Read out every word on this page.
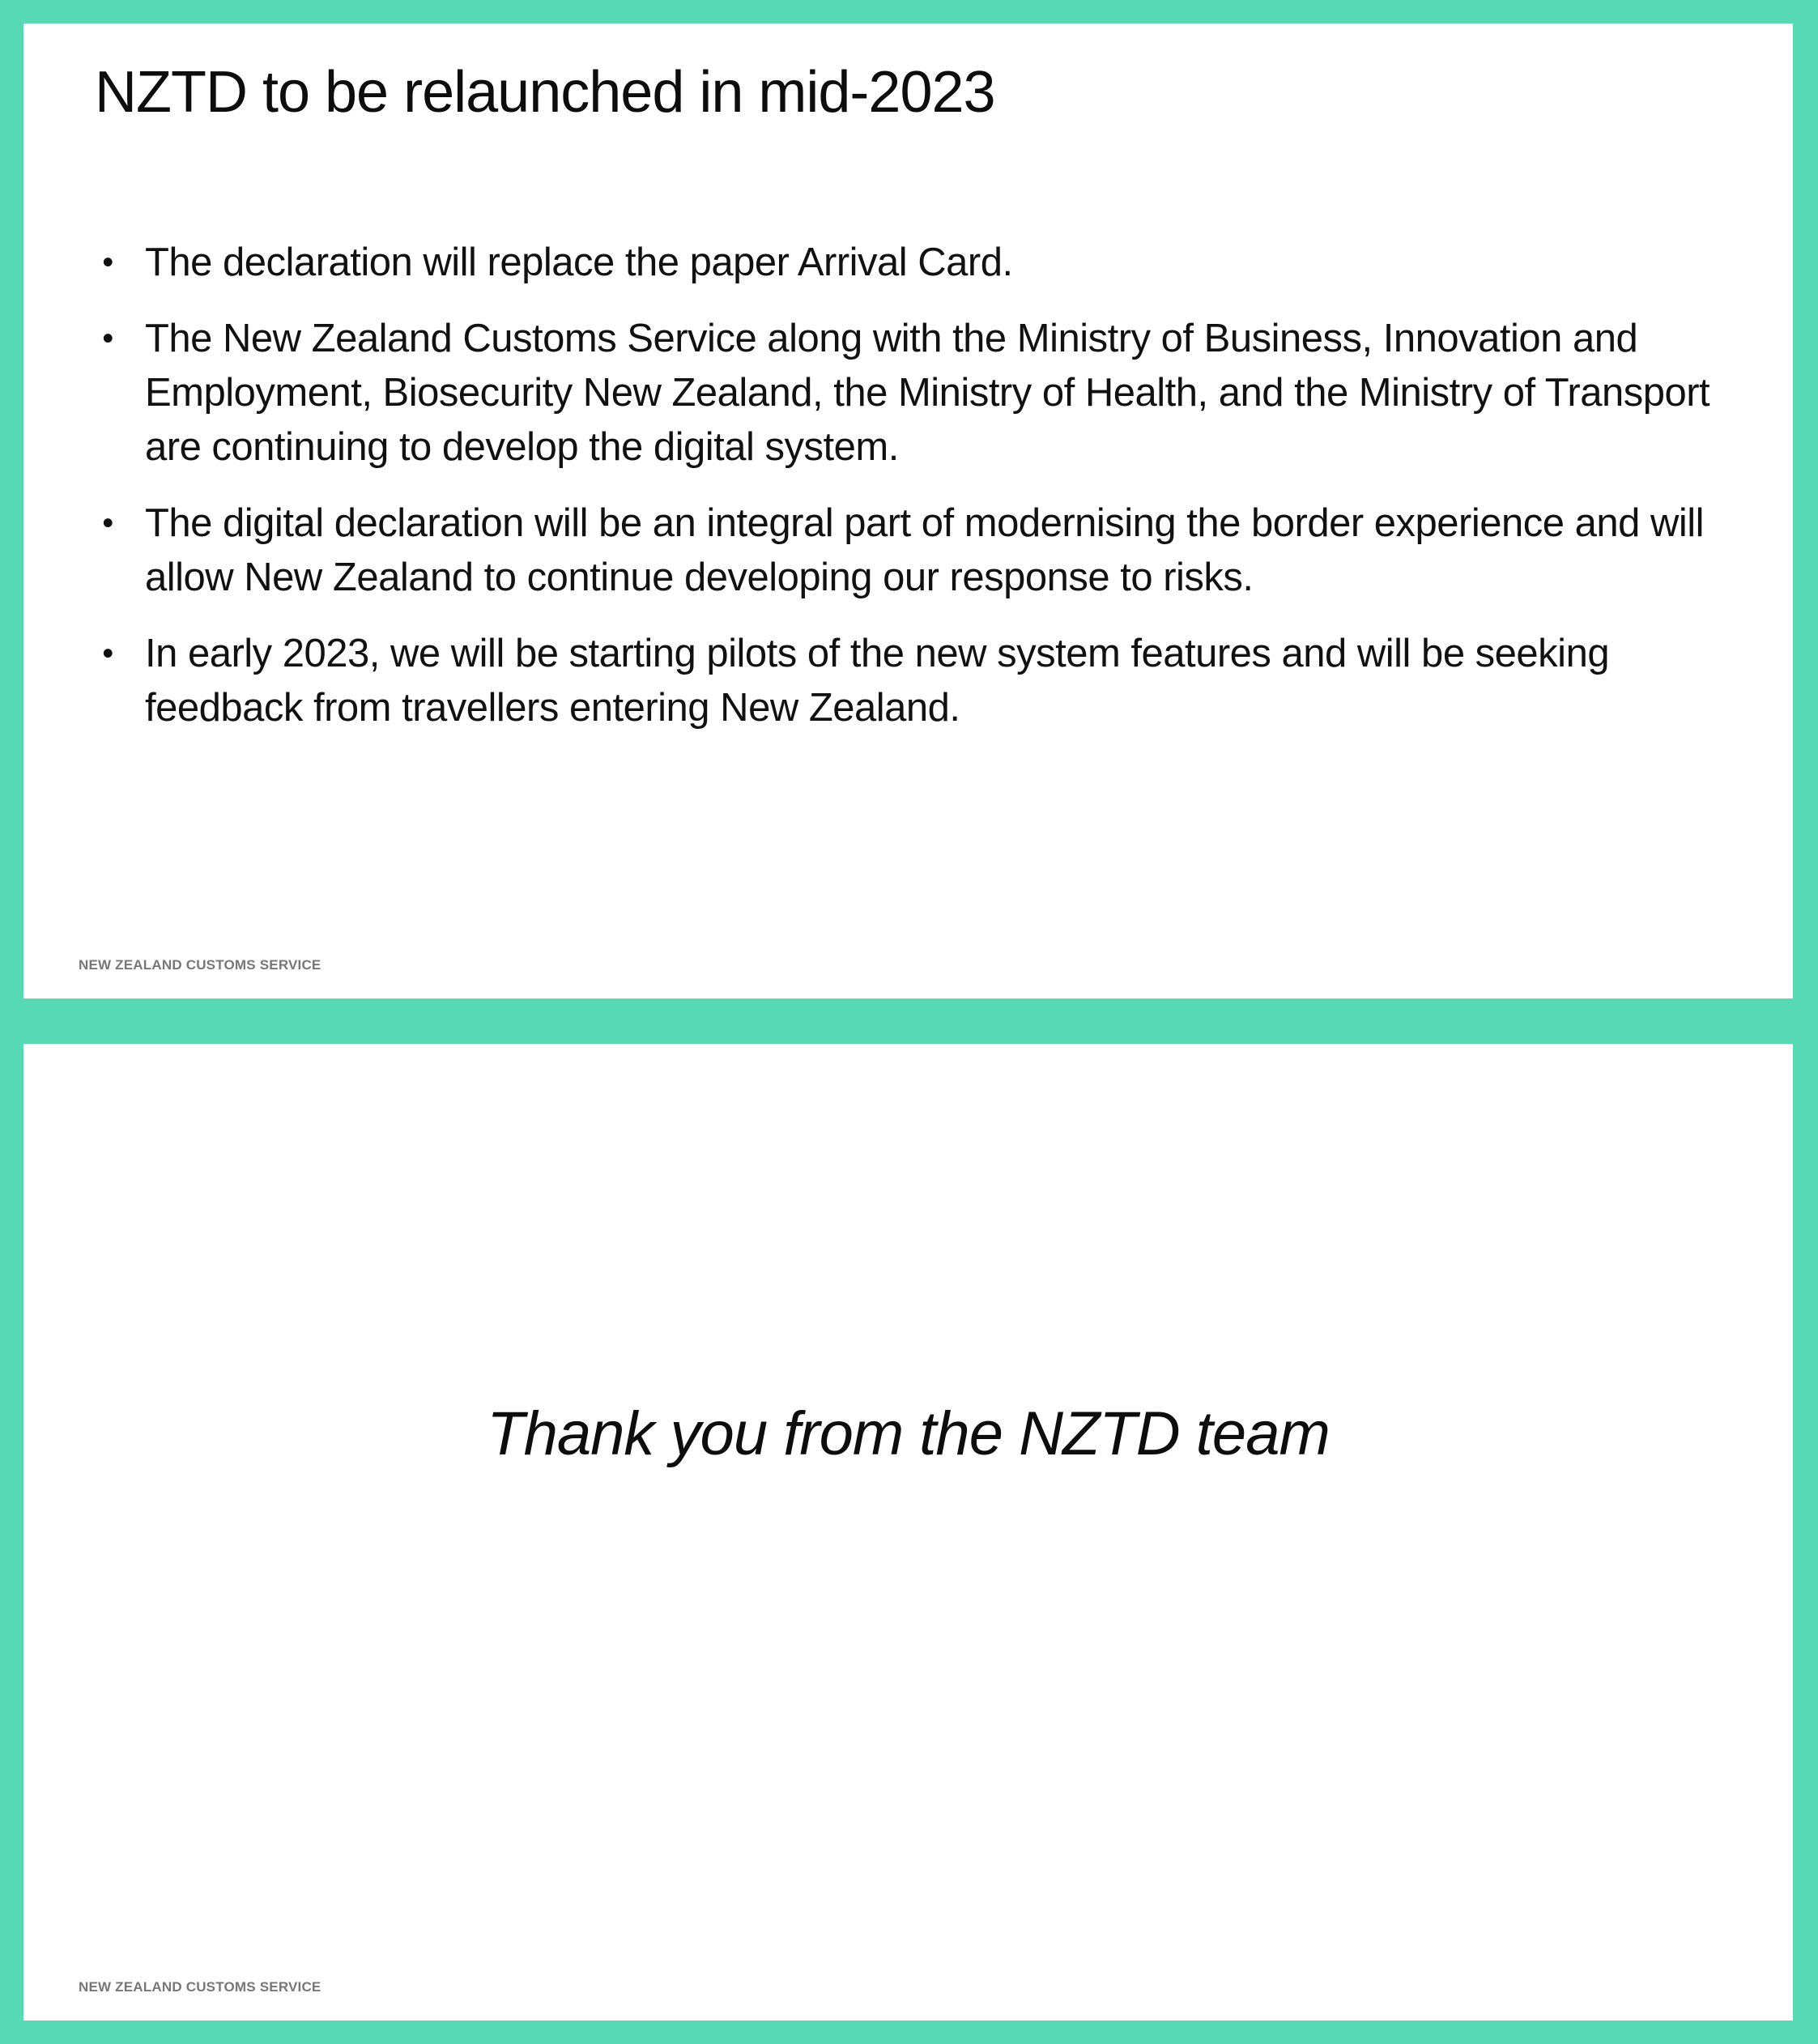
NZTD to be relaunched in mid-2023
• The declaration will replace the paper Arrival Card.
• The New Zealand Customs Service along with the Ministry of Business, Innovation and Employment, Biosecurity New Zealand, the Ministry of Health, and the Ministry of Transport are continuing to develop the digital system.
• The digital declaration will be an integral part of modernising the border experience and will allow New Zealand to continue developing our response to risks.
• In early 2023, we will be starting pilots of the new system features and will be seeking feedback from travellers entering New Zealand.
NEW ZEALAND CUSTOMS SERVICE

Thank you from the NZTD team

NEW ZEALAND CUSTOMS SERVICE
